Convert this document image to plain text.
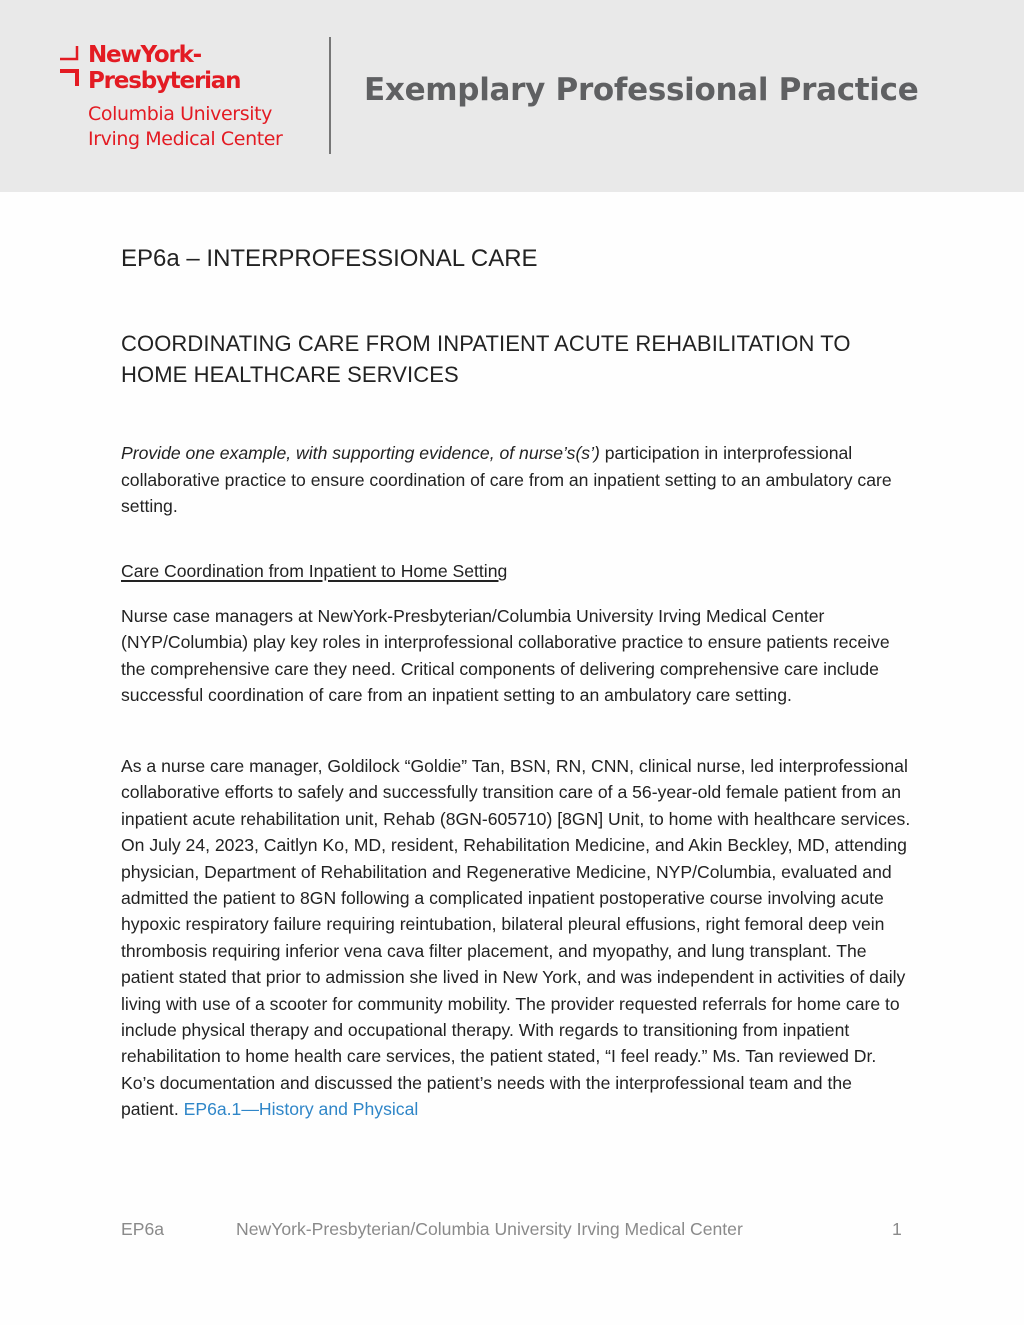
NewYork-
Presbyterian
Columbia University
Irving Medical Center
Exemplary Professional Practice
EP6a – INTERPROFESSIONAL CARE
COORDINATING CARE FROM INPATIENT ACUTE REHABILITATION TO HOME HEALTHCARE SERVICES
Provide one example, with supporting evidence, of nurse’s(s’) participation in interprofessional collaborative practice to ensure coordination of care from an inpatient setting to an ambulatory care setting.
Care Coordination from Inpatient to Home Setting
Nurse case managers at NewYork-Presbyterian/Columbia University Irving Medical Center (NYP/Columbia) play key roles in interprofessional collaborative practice to ensure patients receive the comprehensive care they need. Critical components of delivering comprehensive care include successful coordination of care from an inpatient setting to an ambulatory care setting.
As a nurse care manager, Goldilock “Goldie” Tan, BSN, RN, CNN, clinical nurse, led interprofessional collaborative efforts to safely and successfully transition care of a 56-year-old female patient from an inpatient acute rehabilitation unit, Rehab (8GN-605710) [8GN] Unit, to home with healthcare services. On July 24, 2023, Caitlyn Ko, MD, resident, Rehabilitation Medicine, and Akin Beckley, MD, attending physician, Department of Rehabilitation and Regenerative Medicine, NYP/Columbia, evaluated and admitted the patient to 8GN following a complicated inpatient postoperative course involving acute hypoxic respiratory failure requiring reintubation, bilateral pleural effusions, right femoral deep vein thrombosis requiring inferior vena cava filter placement, and myopathy, and lung transplant. The patient stated that prior to admission she lived in New York, and was independent in activities of daily living with use of a scooter for community mobility. The provider requested referrals for home care to include physical therapy and occupational therapy. With regards to transitioning from inpatient rehabilitation to home health care services, the patient stated, “I feel ready.” Ms. Tan reviewed Dr. Ko’s documentation and discussed the patient’s needs with the interprofessional team and the patient. EP6a.1—History and Physical
EP6a	NewYork-Presbyterian/Columbia University Irving Medical Center	1
